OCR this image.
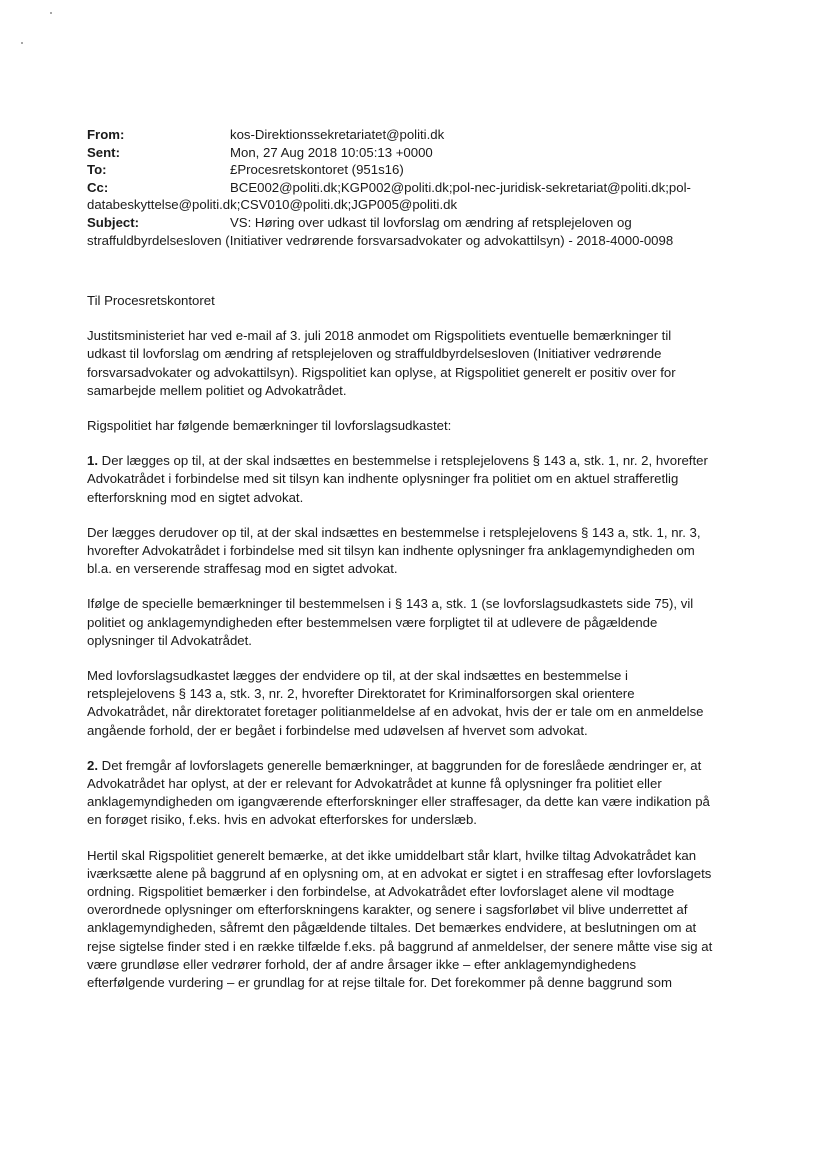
From:	kos-Direktionssekretariatet@politi.dk
Sent:	Mon, 27 Aug 2018 10:05:13 +0000
To:	£Procesretskontoret (951s16)
Cc:	BCE002@politi.dk;KGP002@politi.dk;pol-nec-juridisk-sekretariat@politi.dk;pol-
databeskyttelse@politi.dk;CSV010@politi.dk;JGP005@politi.dk
Subject:	VS: Høring over udkast til lovforslag om ændring af retsplejeloven og
straffuldbyrdelsesloven (Initiativer vedrørende forsvarsadvokater og advokattilsyn) - 2018-4000-0098

Til Procesretskontoret

Justitsministeriet har ved e-mail af 3. juli 2018 anmodet om Rigspolitiets eventuelle bemærkninger til
udkast til lovforslag om ændring af retsplejeloven og straffuldbyrdelsesloven (Initiativer vedrørende
forsvarsadvokater og advokattilsyn). Rigspolitiet kan oplyse, at Rigspolitiet generelt er positiv over for
samarbejde mellem politiet og Advokatrådet.

Rigspolitiet har følgende bemærkninger til lovforslagsudkastet:

1. Der lægges op til, at der skal indsættes en bestemmelse i retsplejelovens § 143 a, stk. 1, nr. 2, hvorefter
Advokatrådet i forbindelse med sit tilsyn kan indhente oplysninger fra politiet om en aktuel strafferetlig
efterforskning mod en sigtet advokat.

Der lægges derudover op til, at der skal indsættes en bestemmelse i retsplejelovens § 143 a, stk. 1, nr. 3,
hvorefter Advokatrådet i forbindelse med sit tilsyn kan indhente oplysninger fra anklagemyndigheden om
bl.a. en verserende straffesag mod en sigtet advokat.

Ifølge de specielle bemærkninger til bestemmelsen i § 143 a, stk. 1 (se lovforslagsudkastets side 75), vil
politiet og anklagemyndigheden efter bestemmelsen være forpligtet til at udlevere de pågældende
oplysninger til Advokatrådet.

Med lovforslagsudkastet lægges der endvidere op til, at der skal indsættes en bestemmelse i
retsplejelovens § 143 a, stk. 3, nr. 2, hvorefter Direktoratet for Kriminalforsorgen skal orientere
Advokatrådet, når direktoratet foretager politianmeldelse af en advokat, hvis der er tale om en anmeldelse
angående forhold, der er begået i forbindelse med udøvelsen af hvervet som advokat.

2. Det fremgår af lovforslagets generelle bemærkninger, at baggrunden for de foreslåede ændringer er, at
Advokatrådet har oplyst, at der er relevant for Advokatrådet at kunne få oplysninger fra politiet eller
anklagemyndigheden om igangværende efterforskninger eller straffesager, da dette kan være indikation på
en forøget risiko, f.eks. hvis en advokat efterforskes for underslæb.

Hertil skal Rigspolitiet generelt bemærke, at det ikke umiddelbart står klart, hvilke tiltag Advokatrådet kan
iværksætte alene på baggrund af en oplysning om, at en advokat er sigtet i en straffesag efter lovforslagets
ordning. Rigspolitiet bemærker i den forbindelse, at Advokatrådet efter lovforslaget alene vil modtage
overordnede oplysninger om efterforskningens karakter, og senere i sagsforløbet vil blive underrettet af
anklagemyndigheden, såfremt den pågældende tiltales. Det bemærkes endvidere, at beslutningen om at
rejse sigtelse finder sted i en række tilfælde f.eks. på baggrund af anmeldelser, der senere måtte vise sig at
være grundløse eller vedrører forhold, der af andre årsager ikke – efter anklagemyndighedens
efterfølgende vurdering – er grundlag for at rejse tiltale for. Det forekommer på denne baggrund som
